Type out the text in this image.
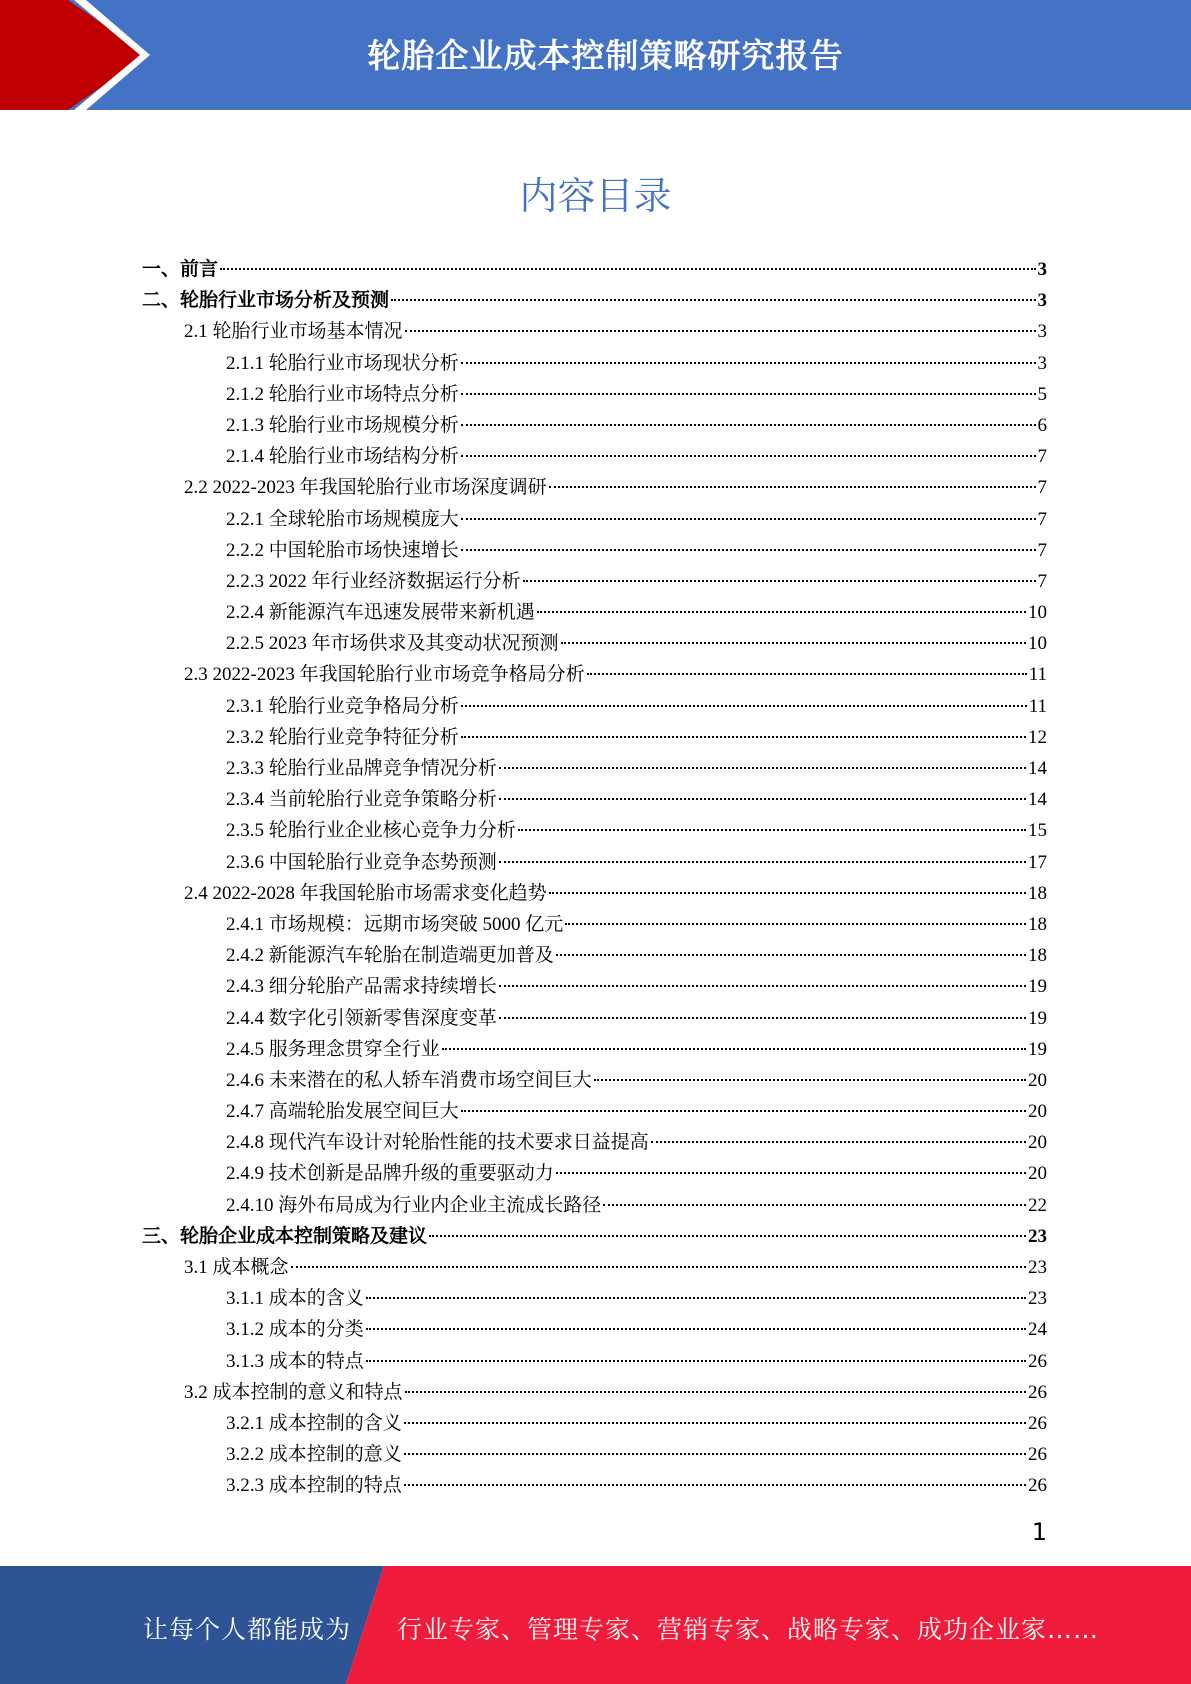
轮胎企业成本控制策略研究报告
内容目录
一、前言	3
二、轮胎行业市场分析及预测	3
2.1 轮胎行业市场基本情况	3
2.1.1 轮胎行业市场现状分析	3
2.1.2 轮胎行业市场特点分析	5
2.1.3 轮胎行业市场规模分析	6
2.1.4 轮胎行业市场结构分析	7
2.2 2022-2023 年我国轮胎行业市场深度调研	7
2.2.1 全球轮胎市场规模庞大	7
2.2.2 中国轮胎市场快速增长	7
2.2.3 2022 年行业经济数据运行分析	7
2.2.4 新能源汽车迅速发展带来新机遇	10
2.2.5 2023 年市场供求及其变动状况预测	10
2.3 2022-2023 年我国轮胎行业市场竞争格局分析	11
2.3.1 轮胎行业竞争格局分析	11
2.3.2 轮胎行业竞争特征分析	12
2.3.3 轮胎行业品牌竞争情况分析	14
2.3.4 当前轮胎行业竞争策略分析	14
2.3.5 轮胎行业企业核心竞争力分析	15
2.3.6 中国轮胎行业竞争态势预测	17
2.4 2022-2028 年我国轮胎市场需求变化趋势	18
2.4.1 市场规模：远期市场突破 5000 亿元	18
2.4.2 新能源汽车轮胎在制造端更加普及	18
2.4.3 细分轮胎产品需求持续增长	19
2.4.4 数字化引领新零售深度变革	19
2.4.5 服务理念贯穿全行业	19
2.4.6 未来潜在的私人轿车消费市场空间巨大	20
2.4.7 高端轮胎发展空间巨大	20
2.4.8 现代汽车设计对轮胎性能的技术要求日益提高	20
2.4.9 技术创新是品牌升级的重要驱动力	20
2.4.10 海外布局成为行业内企业主流成长路径	22
三、轮胎企业成本控制策略及建议	23
3.1 成本概念	23
3.1.1 成本的含义	23
3.1.2 成本的分类	24
3.1.3 成本的特点	26
3.2 成本控制的意义和特点	26
3.2.1 成本控制的含义	26
3.2.2 成本控制的意义	26
3.2.3 成本控制的特点	26
1
让每个人都能成为 行业专家、管理专家、营销专家、战略专家、成功企业家……
